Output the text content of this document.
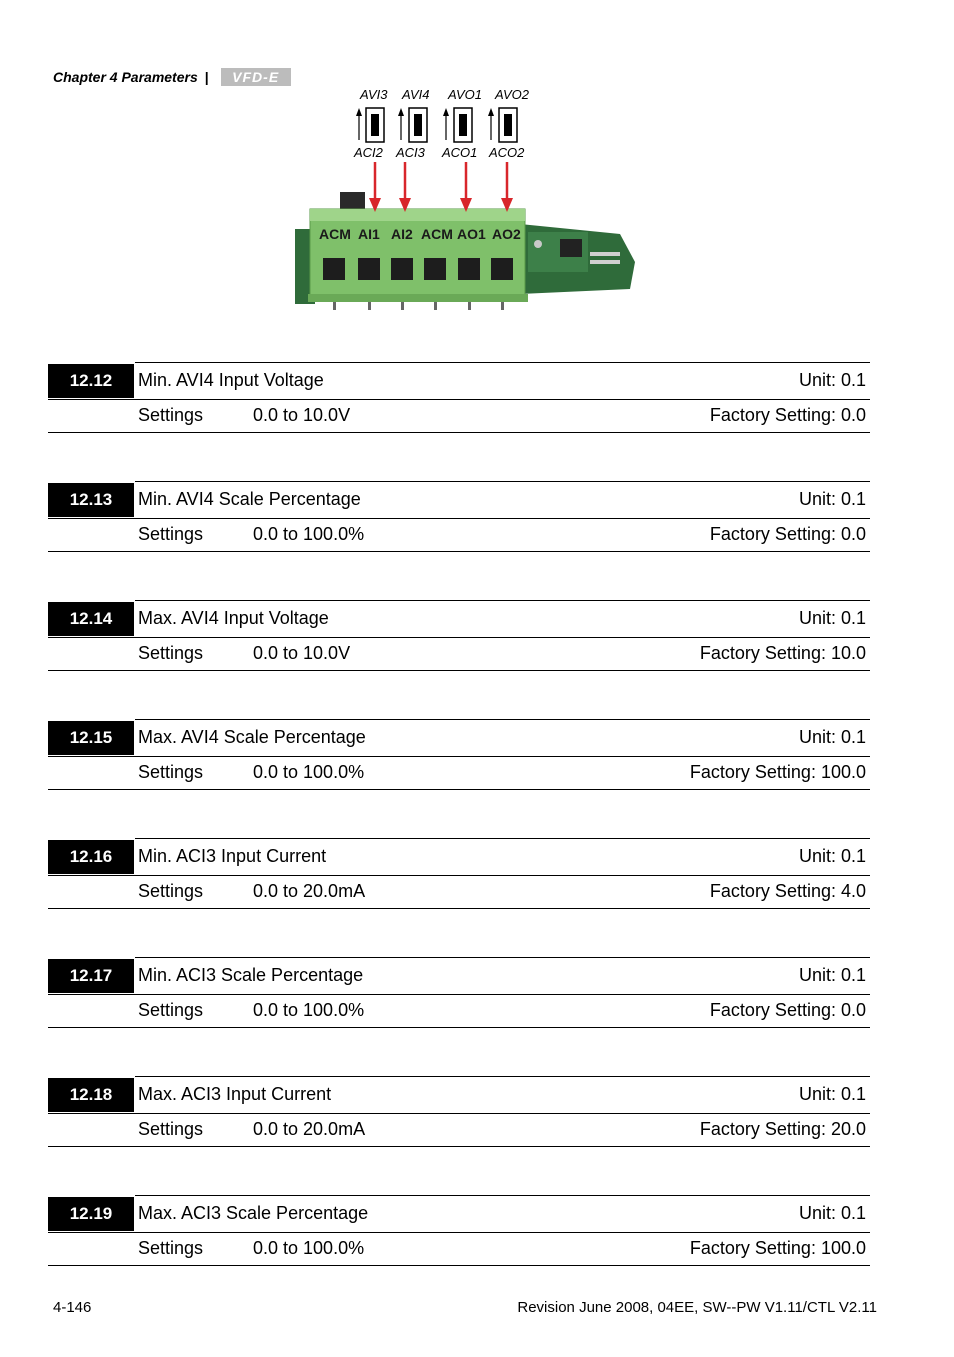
Chapter 4 Parameters | VFD-E
AVI3 AVI4 AVO1 AVO2
ACI2 ACI3 ACO1 ACO2
ACM AI1 AI2 ACM AO1 AO2
12.12	Min. AVI4 Input Voltage	Unit: 0.1
Settings	0.0 to 10.0V	Factory Setting: 0.0
12.13	Min. AVI4 Scale Percentage	Unit: 0.1
Settings	0.0 to 100.0%	Factory Setting: 0.0
12.14	Max. AVI4 Input Voltage	Unit: 0.1
Settings	0.0 to 10.0V	Factory Setting: 10.0
12.15	Max. AVI4 Scale Percentage	Unit: 0.1
Settings	0.0 to 100.0%	Factory Setting: 100.0
12.16	Min. ACI3 Input Current	Unit: 0.1
Settings	0.0 to 20.0mA	Factory Setting: 4.0
12.17	Min. ACI3 Scale Percentage	Unit: 0.1
Settings	0.0 to 100.0%	Factory Setting: 0.0
12.18	Max. ACI3 Input Current	Unit: 0.1
Settings	0.0 to 20.0mA	Factory Setting: 20.0
12.19	Max. ACI3 Scale Percentage	Unit: 0.1
Settings	0.0 to 100.0%	Factory Setting: 100.0
4-146	Revision June 2008, 04EE, SW--PW V1.11/CTL V2.11
